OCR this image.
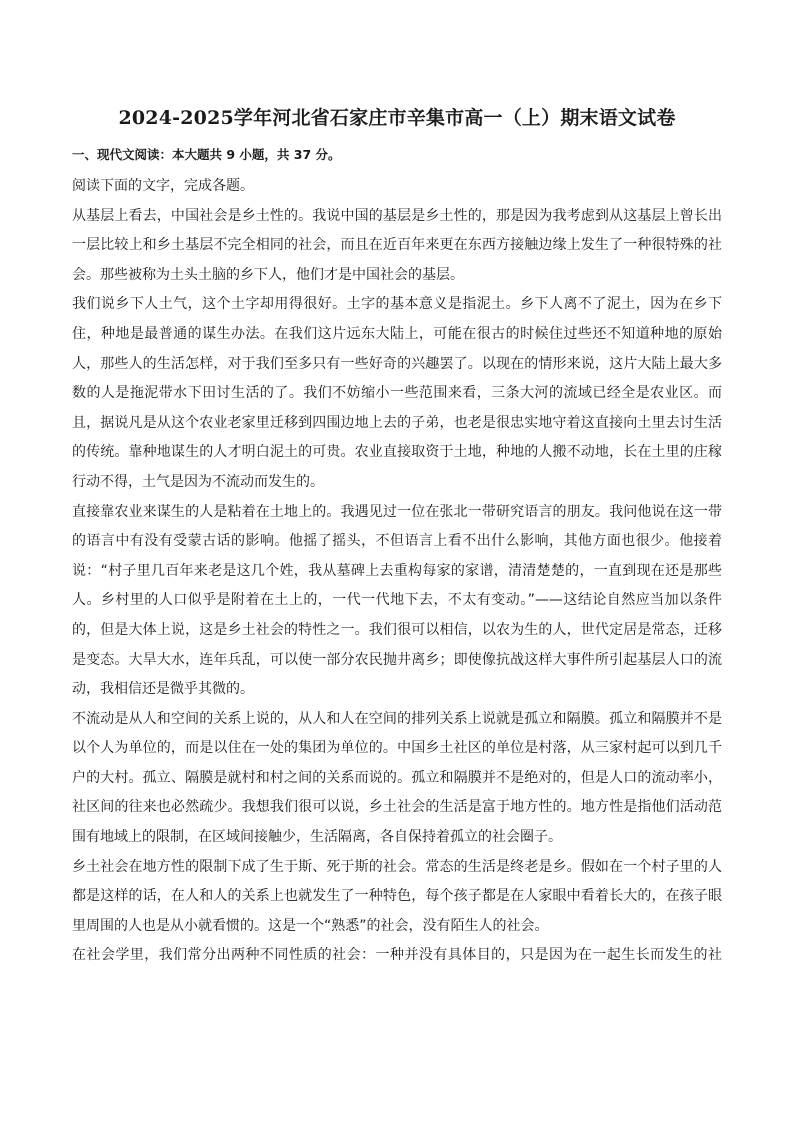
2024-2025学年河北省石家庄市辛集市高一（上）期末语文试卷
一、现代文阅读：本大题共 9 小题，共 37 分。
阅读下面的文字，完成各题。
从基层上看去，中国社会是乡土性的。我说中国的基层是乡土性的，那是因为我考虑到从这基层上曾长出
一层比较上和乡土基层不完全相同的社会，而且在近百年来更在东西方接触边缘上发生了一种很特殊的社
会。那些被称为土头土脑的乡下人，他们才是中国社会的基层。
我们说乡下人土气，这个土字却用得很好。土字的基本意义是指泥土。乡下人离不了泥土，因为在乡下
住，种地是最普通的谋生办法。在我们这片远东大陆上，可能在很古的时候住过些还不知道种地的原始
人，那些人的生活怎样，对于我们至多只有一些好奇的兴趣罢了。以现在的情形来说，这片大陆上最大多
数的人是拖泥带水下田讨生活的了。我们不妨缩小一些范围来看，三条大河的流域已经全是农业区。而
且，据说凡是从这个农业老家里迁移到四围边地上去的子弟，也老是很忠实地守着这直接向土里去讨生活
的传统。靠种地谋生的人才明白泥土的可贵。农业直接取资于土地，种地的人搬不动地，长在土里的庄稼
行动不得，土气是因为不流动而发生的。
直接靠农业来谋生的人是粘着在土地上的。我遇见过一位在张北一带研究语言的朋友。我问他说在这一带
的语言中有没有受蒙古话的影响。他摇了摇头，不但语言上看不出什么影响，其他方面也很少。他接着
说：“村子里几百年来老是这几个姓，我从墓碑上去重构每家的家谱，清清楚楚的，一直到现在还是那些
人。乡村里的人口似乎是附着在土上的，一代一代地下去，不太有变动。”——这结论自然应当加以条件
的，但是大体上说，这是乡土社会的特性之一。我们很可以相信，以农为生的人，世代定居是常态，迁移
是变态。大旱大水，连年兵乱，可以使一部分农民抛井离乡；即使像抗战这样大事件所引起基层人口的流
动，我相信还是微乎其微的。
不流动是从人和空间的关系上说的，从人和人在空间的排列关系上说就是孤立和隔膜。孤立和隔膜并不是
以个人为单位的，而是以住在一处的集团为单位的。中国乡土社区的单位是村落，从三家村起可以到几千
户的大村。孤立、隔膜是就村和村之间的关系而说的。孤立和隔膜并不是绝对的，但是人口的流动率小，
社区间的往来也必然疏少。我想我们很可以说，乡土社会的生活是富于地方性的。地方性是指他们活动范
围有地域上的限制，在区域间接触少，生活隔离，各自保持着孤立的社会圈子。
乡土社会在地方性的限制下成了生于斯、死于斯的社会。常态的生活是终老是乡。假如在一个村子里的人
都是这样的话，在人和人的关系上也就发生了一种特色，每个孩子都是在人家眼中看着长大的，在孩子眼
里周围的人也是从小就看惯的。这是一个“熟悉”的社会，没有陌生人的社会。
在社会学里，我们常分出两种不同性质的社会：一种并没有具体目的，只是因为在一起生长而发生的社
